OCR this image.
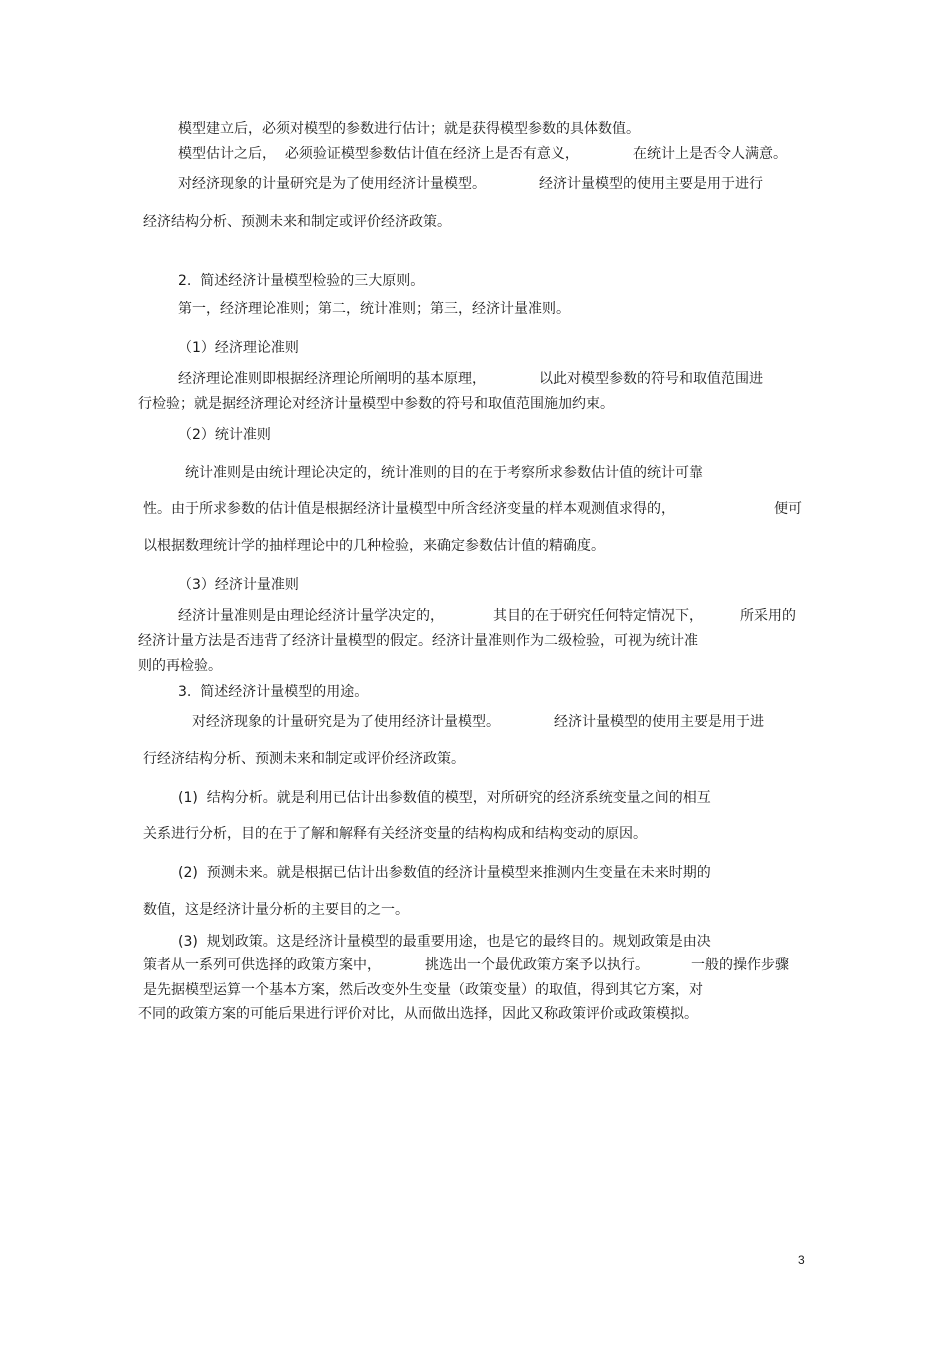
模型建立后，必须对模型的参数进行估计；就是获得模型参数的具体数值。
模型估计之后，  必须验证模型参数估计值在经济上是否有意义，	在统计上是否令人满意。
对经济现象的计量研究是为了使用经济计量模型。	经济计量模型的使用主要是用于进行
经济结构分析、预测未来和制定或评价经济政策。
2.  简述经济计量模型检验的三大原则。
第一，经济理论准则；第二，统计准则；第三，经济计量准则。
（1）经济理论准则
经济理论准则即根据经济理论所阐明的基本原理，	以此对模型参数的符号和取值范围进
行检验；就是据经济理论对经济计量模型中参数的符号和取值范围施加约束。
（2）统计准则
统计准则是由统计理论决定的，统计准则的目的在于考察所求参数估计值的统计可靠
性。由于所求参数的估计值是根据经济计量模型中所含经济变量的样本观测值求得的，	便可
以根据数理统计学的抽样理论中的几种检验，来确定参数估计值的精确度。
（3）经济计量准则
经济计量准则是由理论经济计量学决定的，	其目的在于研究任何特定情况下，	所采用的
经济计量方法是否违背了经济计量模型的假定。经济计量准则作为二级检验，可视为统计准
则的再检验。
3.  简述经济计量模型的用途。
对经济现象的计量研究是为了使用经济计量模型。	经济计量模型的使用主要是用于进
行经济结构分析、预测未来和制定或评价经济政策。
(1)  结构分析。就是利用已估计出参数值的模型，对所研究的经济系统变量之间的相互
关系进行分析，目的在于了解和解释有关经济变量的结构构成和结构变动的原因。
(2)  预测未来。就是根据已估计出参数值的经济计量模型来推测内生变量在未来时期的
数值，这是经济计量分析的主要目的之一。
(3)  规划政策。这是经济计量模型的最重要用途，也是它的最终目的。规划政策是由决
策者从一系列可供选择的政策方案中，	挑选出一个最优政策方案予以执行。	一般的操作步骤
是先据模型运算一个基本方案，然后改变外生变量（政策变量）的取值，得到其它方案，对
不同的政策方案的可能后果进行评价对比，从而做出选择，因此又称政策评价或政策模拟。
3
